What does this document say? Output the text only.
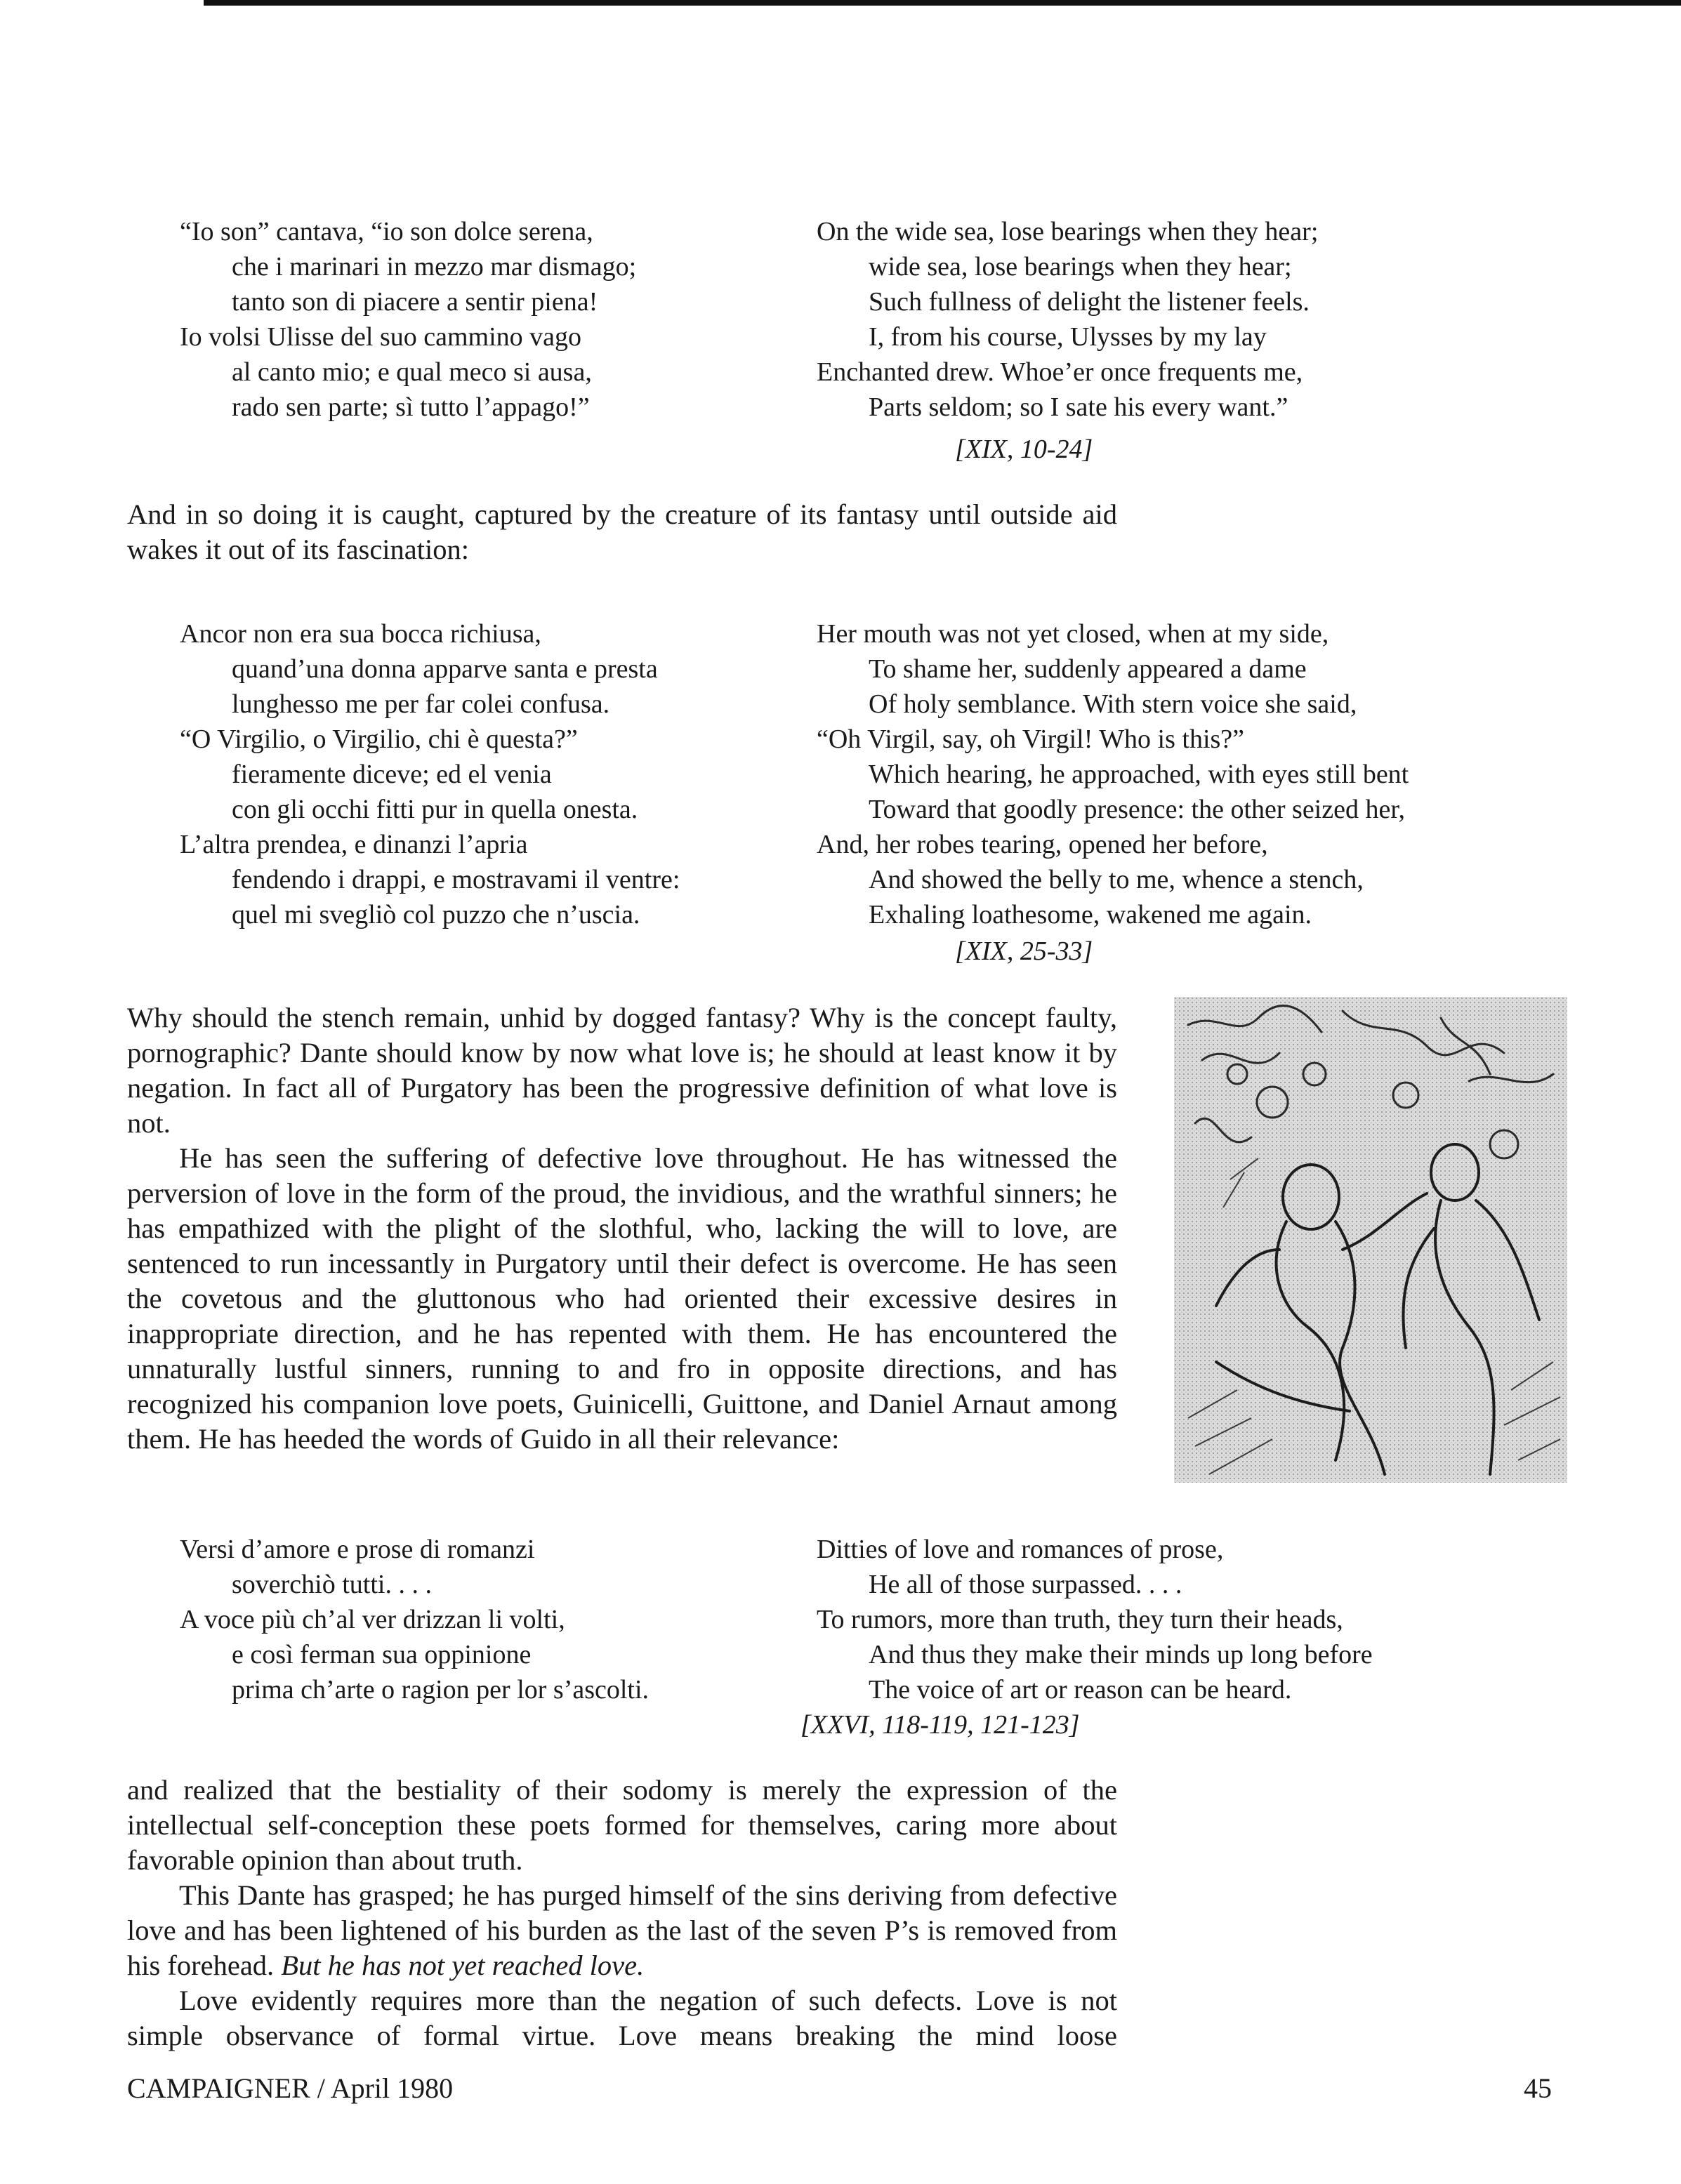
“Io son” cantava, “io son dolce serena,
che i marinari in mezzo mar dismago;
tanto son di piacere a sentir piena!
Io volsi Ulisse del suo cammino vago
al canto mio; e qual meco si ausa,
rado sen parte; sì tutto l’appago!”
On the wide sea, lose bearings when they hear;
wide sea, lose bearings when they hear;
Such fullness of delight the listener feels.
I, from his course, Ulysses by my lay
Enchanted drew. Whoe’er once frequents me,
Parts seldom; so I sate his every want.”
[XIX, 10-24]

And in so doing it is caught, captured by the creature of its fantasy until outside aid wakes it out of its fascination:

Ancor non era sua bocca richiusa,
quand’una donna apparve santa e presta
lunghesso me per far colei confusa.
“O Virgilio, o Virgilio, chi è questa?”
fieramente diceve; ed el venia
con gli occhi fitti pur in quella onesta.
L’altra prendea, e dinanzi l’apria
fendendo i drappi, e mostravami il ventre:
quel mi svegliò col puzzo che n’uscia.
Her mouth was not yet closed, when at my side,
To shame her, suddenly appeared a dame
Of holy semblance. With stern voice she said,
“Oh Virgil, say, oh Virgil! Who is this?”
Which hearing, he approached, with eyes still bent
Toward that goodly presence: the other seized her,
And, her robes tearing, opened her before,
And showed the belly to me, whence a stench,
Exhaling loathesome, wakened me again.
[XIX, 25-33]

Why should the stench remain, unhid by dogged fantasy? Why is the concept faulty, pornographic? Dante should know by now what love is; he should at least know it by negation. In fact all of Purgatory has been the progressive definition of what love is not.

He has seen the suffering of defective love throughout. He has witnessed the perversion of love in the form of the proud, the invidious, and the wrathful sinners; he has empathized with the plight of the slothful, who, lacking the will to love, are sentenced to run incessantly in Purgatory until their defect is overcome. He has seen the covetous and the gluttonous who had oriented their excessive desires in inappropriate direction, and he has repented with them. He has encountered the unnaturally lustful sinners, running to and fro in opposite directions, and has recognized his companion love poets, Guinicelli, Guittone, and Daniel Arnaut among them. He has heeded the words of Guido in all their relevance:

Versi d’amore e prose di romanzi
soverchiò tutti. . . .
A voce più ch’al ver drizzan li volti,
e così ferman sua oppinione
prima ch’arte o ragion per lor s’ascolti.
Ditties of love and romances of prose,
He all of those surpassed. . . .
To rumors, more than truth, they turn their heads,
And thus they make their minds up long before
The voice of art or reason can be heard.
[XXVI, 118-119, 121-123]

and realized that the bestiality of their sodomy is merely the expression of the intellectual self-conception these poets formed for themselves, caring more about favorable opinion than about truth.

This Dante has grasped; he has purged himself of the sins deriving from defective love and has been lightened of his burden as the last of the seven P’s is removed from his forehead. But he has not yet reached love.

Love evidently requires more than the negation of such defects. Love is not simple observance of formal virtue. Love means breaking the mind loose

CAMPAIGNER / April 1980	45
